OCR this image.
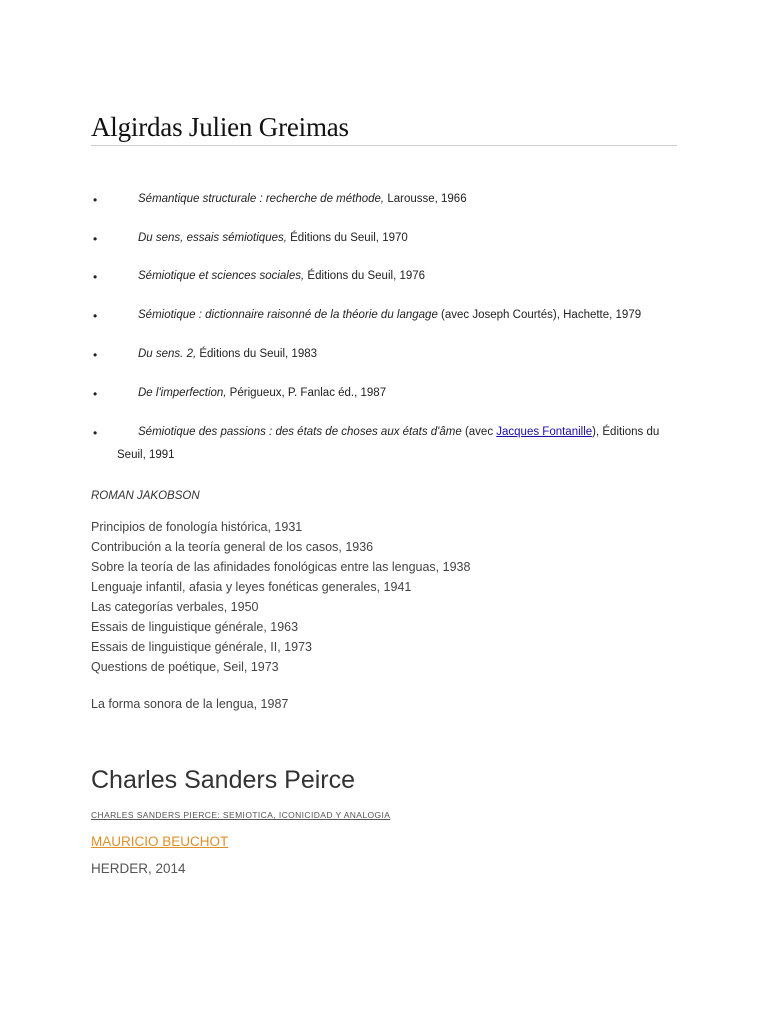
Algirdas Julien Greimas
•	Sémantique structurale : recherche de méthode, Larousse, 1966
•	Du sens, essais sémiotiques, Éditions du Seuil, 1970
•	Sémiotique et sciences sociales, Éditions du Seuil, 1976
•	Sémiotique : dictionnaire raisonné de la théorie du langage (avec Joseph Courtés), Hachette, 1979
•	Du sens. 2, Éditions du Seuil, 1983
•	De l'imperfection, Périgueux, P. Fanlac éd., 1987
•	Sémiotique des passions : des états de choses aux états d'âme (avec Jacques Fontanille), Éditions du
Seuil, 1991
ROMAN JAKOBSON
Principios de fonología histórica, 1931
Contribución a la teoría general de los casos, 1936
Sobre la teoría de las afinidades fonológicas entre las lenguas, 1938
Lenguaje infantil, afasia y leyes fonéticas generales, 1941
Las categorías verbales, 1950
Essais de linguistique générale, 1963
Essais de linguistique générale, II, 1973
Questions de poétique, Seil, 1973
La forma sonora de la lengua, 1987
Charles Sanders Peirce
CHARLES SANDERS PIERCE: SEMIOTICA, ICONICIDAD Y ANALOGIA
MAURICIO BEUCHOT
HERDER, 2014
